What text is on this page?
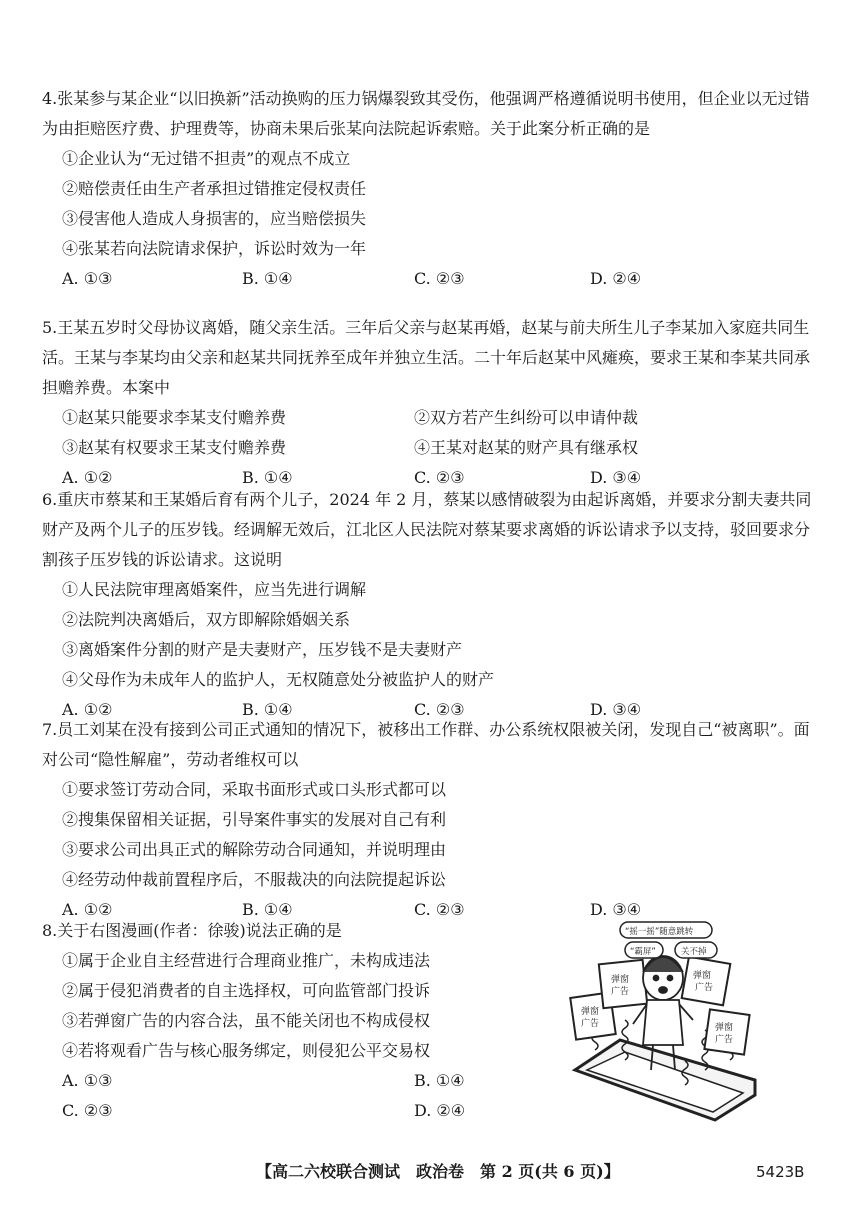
4.张某参与某企业“以旧换新”活动换购的压力锅爆裂致其受伤，他强调严格遵循说明书使用，但企业以无过错为由拒赔医疗费、护理费等，协商未果后张某向法院起诉索赔。关于此案分析正确的是
①企业认为“无过错不担责”的观点不成立
②赔偿责任由生产者承担过错推定侵权责任
③侵害他人造成人身损害的，应当赔偿损失
④张某若向法院请求保护，诉讼时效为一年
A. ①③	B. ①④	C. ②③	D. ②④
5.王某五岁时父母协议离婚，随父亲生活。三年后父亲与赵某再婚，赵某与前夫所生儿子李某加入家庭共同生活。王某与李某均由父亲和赵某共同抚养至成年并独立生活。二十年后赵某中风瘫痪，要求王某和李某共同承担赡养费。本案中
①赵某只能要求李某支付赡养费	②双方若产生纠纷可以申请仲裁
③赵某有权要求王某支付赡养费	④王某对赵某的财产具有继承权
A. ①②	B. ①④	C. ②③	D. ③④
6.重庆市蔡某和王某婚后育有两个儿子，2024 年 2 月，蔡某以感情破裂为由起诉离婚，并要求分割夫妻共同财产及两个儿子的压岁钱。经调解无效后，江北区人民法院对蔡某要求离婚的诉讼请求予以支持，驳回要求分割孩子压岁钱的诉讼请求。这说明
①人民法院审理离婚案件，应当先进行调解
②法院判决离婚后，双方即解除婚姻关系
③离婚案件分割的财产是夫妻财产，压岁钱不是夫妻财产
④父母作为未成年人的监护人，无权随意处分被监护人的财产
A. ①②	B. ①④	C. ②③	D. ③④
7.员工刘某在没有接到公司正式通知的情况下，被移出工作群、办公系统权限被关闭，发现自己“被离职”。面对公司“隐性解雇”，劳动者维权可以
①要求签订劳动合同，采取书面形式或口头形式都可以
②搜集保留相关证据，引导案件事实的发展对自己有利
③要求公司出具正式的解除劳动合同通知，并说明理由
④经劳动仲裁前置程序后，不服裁决的向法院提起诉讼
A. ①②	B. ①④	C. ②③	D. ③④
8.关于右图漫画(作者：徐骏)说法正确的是
①属于企业自主经营进行合理商业推广，未构成违法
②属于侵犯消费者的自主选择权，可向监管部门投诉
③若弹窗广告的内容合法，虽不能关闭也不构成侵权
④若将观看广告与核心服务绑定，则侵犯公平交易权
A. ①③	B. ①④
C. ②③	D. ②④
弹窗
广告
弹窗
广告
弹窗
广告
弹窗
广告
“摇一摇”随意跳转
“霸屏”	关不掉
【高二六校联合测试　政治卷　第 2 页(共 6 页)】	5423B
